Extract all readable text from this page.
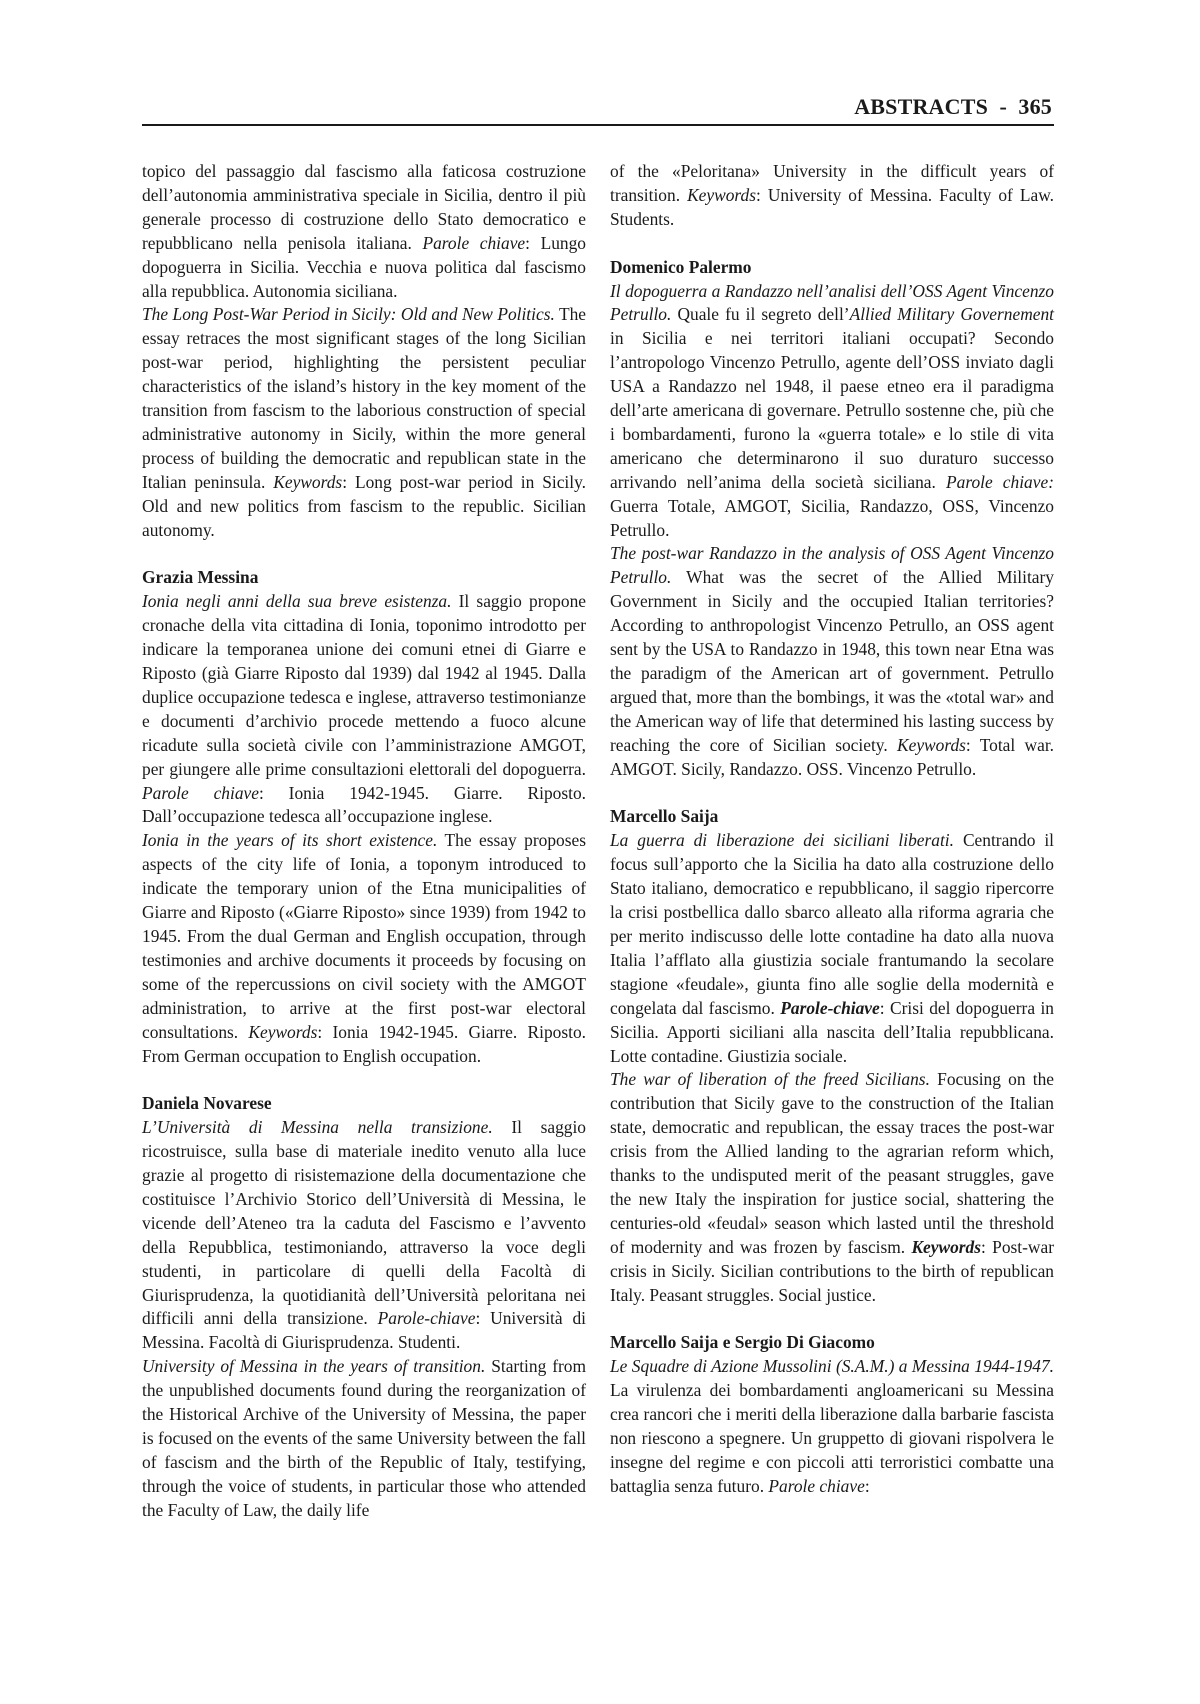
ABSTRACTS - 365

topico del passaggio dal fascismo alla faticosa costruzione dell’autonomia amministrativa speciale in Sicilia, dentro il più generale processo di costruzione dello Stato democratico e repubblicano nella penisola italiana. Parole chiave: Lungo dopoguerra in Sicilia. Vecchia e nuova politica dal fascismo alla repubblica. Autonomia siciliana.

The Long Post-War Period in Sicily: Old and New Politics. The essay retraces the most significant stages of the long Sicilian post-war period, highlighting the persistent peculiar characteristics of the island’s history in the key moment of the transition from fascism to the laborious construction of special administrative autonomy in Sicily, within the more general process of building the democratic and republican state in the Italian peninsula. Keywords: Long post-war period in Sicily. Old and new politics from fascism to the republic. Sicilian autonomy.

Grazia Messina

Ionia negli anni della sua breve esistenza. Il saggio propone cronache della vita cittadina di Ionia, toponimo introdotto per indicare la temporanea unione dei comuni etnei di Giarre e Riposto (già Giarre Riposto dal 1939) dal 1942 al 1945. Dalla duplice occupazione tedesca e inglese, attraverso testimonianze e documenti d’archivio procede mettendo a fuoco alcune ricadute sulla società civile con l’amministrazione AMGOT, per giungere alle prime consultazioni elettorali del dopoguerra. Parole chiave: Ionia 1942-1945. Giarre. Riposto. Dall’occupazione tedesca all’occupazione inglese.

Ionia in the years of its short existence. The essay proposes aspects of the city life of Ionia, a toponym introduced to indicate the temporary union of the Etna municipalities of Giarre and Riposto («Giarre Riposto» since 1939) from 1942 to 1945. From the dual German and English occupation, through testimonies and archive documents it proceeds by focusing on some of the repercussions on civil society with the AMGOT administration, to arrive at the first post-war electoral consultations. Keywords: Ionia 1942-1945. Giarre. Riposto. From German occupation to English occupation.

Daniela Novarese

L’Università di Messina nella transizione. Il saggio ricostruisce, sulla base di materiale inedito venuto alla luce grazie al progetto di risistemazione della documentazione che costituisce l’Archivio Storico dell’Università di Messina, le vicende dell’Ateneo tra la caduta del Fascismo e l’avvento della Repubblica, testimoniando, attraverso la voce degli studenti, in particolare di quelli della Facoltà di Giurisprudenza, la quotidianità dell’Università peloritana nei difficili anni della transizione. Parole-chiave: Università di Messina. Facoltà di Giurisprudenza. Studenti.

University of Messina in the years of transition. Starting from the unpublished documents found during the reorganization of the Historical Archive of the University of Messina, the paper is focused on the events of the same University between the fall of fascism and the birth of the Republic of Italy, testifying, through the voice of students, in particular those who attended the Faculty of Law, the daily life

of the «Peloritana» University in the difficult years of transition. Keywords: University of Messina. Faculty of Law. Students.

Domenico Palermo

Il dopoguerra a Randazzo nell’analisi dell’OSS Agent Vincenzo Petrullo. Quale fu il segreto dell’Allied Military Governement in Sicilia e nei territori italiani occupati? Secondo l’antropologo Vincenzo Petrullo, agente dell’OSS inviato dagli USA a Randazzo nel 1948, il paese etneo era il paradigma dell’arte americana di governare. Petrullo sostenne che, più che i bombardamenti, furono la «guerra totale» e lo stile di vita americano che determinarono il suo duraturo successo arrivando nell’anima della società siciliana. Parole chiave: Guerra Totale, AMGOT, Sicilia, Randazzo, OSS, Vincenzo Petrullo.

The post-war Randazzo in the analysis of OSS Agent Vincenzo Petrullo. What was the secret of the Allied Military Government in Sicily and the occupied Italian territories? According to anthropologist Vincenzo Petrullo, an OSS agent sent by the USA to Randazzo in 1948, this town near Etna was the paradigm of the American art of government. Petrullo argued that, more than the bombings, it was the «total war» and the American way of life that determined his lasting success by reaching the core of Sicilian society. Keywords: Total war. AMGOT. Sicily, Randazzo. OSS. Vincenzo Petrullo.

Marcello Saija

La guerra di liberazione dei siciliani liberati. Centrando il focus sull’apporto che la Sicilia ha dato alla costruzione dello Stato italiano, democratico e repubblicano, il saggio ripercorre la crisi postbellica dallo sbarco alleato alla riforma agraria che per merito indiscusso delle lotte contadine ha dato alla nuova Italia l’afflato alla giustizia sociale frantumando la secolare stagione «feudale», giunta fino alle soglie della modernità e congelata dal fascismo. Parole-chiave: Crisi del dopoguerra in Sicilia. Apporti siciliani alla nascita dell’Italia repubblicana. Lotte contadine. Giustizia sociale.

The war of liberation of the freed Sicilians. Focusing on the contribution that Sicily gave to the construction of the Italian state, democratic and republican, the essay traces the post-war crisis from the Allied landing to the agrarian reform which, thanks to the undisputed merit of the peasant struggles, gave the new Italy the inspiration for justice social, shattering the centuries-old «feudal» season which lasted until the threshold of modernity and was frozen by fascism. Keywords: Post-war crisis in Sicily. Sicilian contributions to the birth of republican Italy. Peasant struggles. Social justice.

Marcello Saija e Sergio Di Giacomo

Le Squadre di Azione Mussolini (S.A.M.) a Messina 1944-1947. La virulenza dei bombardamenti angloamericani su Messina crea rancori che i meriti della liberazione dalla barbarie fascista non riescono a spegnere. Un gruppetto di giovani rispolvera le insegne del regime e con piccoli atti terroristici combatte una battaglia senza futuro. Parole chiave:
